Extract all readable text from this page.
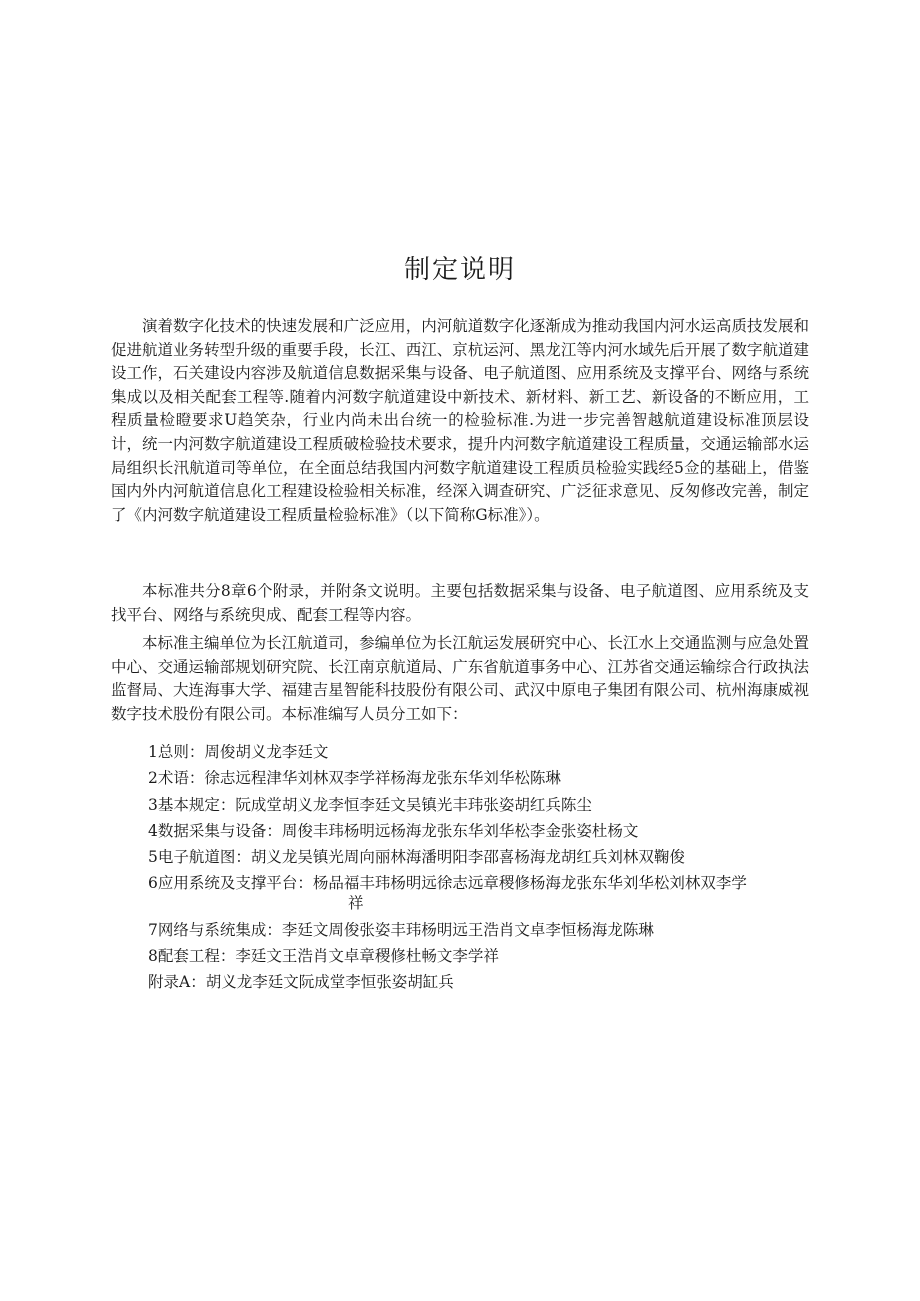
制定说明

演着数字化技术的快速发展和广泛应用，内河航道数字化逐渐成为推动我国内河水运高质技发展和促进航道业务转型升级的重要手段，长江、西江、京杭运河、黑龙江等内河水域先后开展了数字航道建设工作，石关建设内容涉及航道信息数据采集与设备、电子航道图、应用系统及支撑平台、网络与系统集成以及相关配套工程等.随着内河数字航道建设中新技术、新材料、新工艺、新设备的不断应用，工程质量检瞪要求U趋笑杂，行业内尚未出台统一的检验标准.为进一步完善智越航道建设标准顶层设计，统一内河数字航道建设工程质破检验技术要求，提升内河数字航道建设工程质量，交通运输部水运局组织长汛航道司等单位，在全面总结我国内河数字航道建设工程质员检验实践经5佥的基础上，借鉴国内外内河航道信息化工程建设检验相关标准，经深入调查研究、广泛征求意见、反匆修改完善，制定了《内河数字航道建设工程质量检验标准》（以下简称G标准》）。

本标准共分8章6个附录，并附条文说明。主要包括数据采集与设备、电子航道图、应用系统及支找平台、网络与系统臾成、配套工程等内容。

本标准主编单位为长江航道司，参编单位为长江航运发展研究中心、长江水上交通监测与应急处置中心、交通运输部规划研究院、长江南京航道局、广东省航道事务中心、江苏省交通运输综合行政执法监督局、大连海事大学、福建吉星智能科技股份有限公司、武汉中原电子集团有限公司、杭州海康威视数字技术股份有限公司。本标准编写人员分工如下：

1总则：周俊胡义龙李廷文
2术语：徐志远程津华刘林双李学祥杨海龙张东华刘华松陈琳
3基本规定：阮成堂胡义龙李恒李廷文吴镇光丰玮张姿胡红兵陈尘
4数据采集与设备：周俊丰玮杨明远杨海龙张东华刘华松李金张姿杜杨文
5电子航道图：胡义龙吴镇光周向丽林海潘明阳李邵喜杨海龙胡红兵刘林双鞠俊
6应用系统及支撑平台：杨品福丰玮杨明远徐志远章稷修杨海龙张东华刘华松刘林双李学
祥
7网络与系统集成：李廷文周俊张姿丰玮杨明远王浩肖文卓李恒杨海龙陈琳
8配套工程：李廷文王浩肖文卓章稷修杜畅文李学祥
附录A：胡义龙李廷文阮成堂李恒张姿胡缸兵
